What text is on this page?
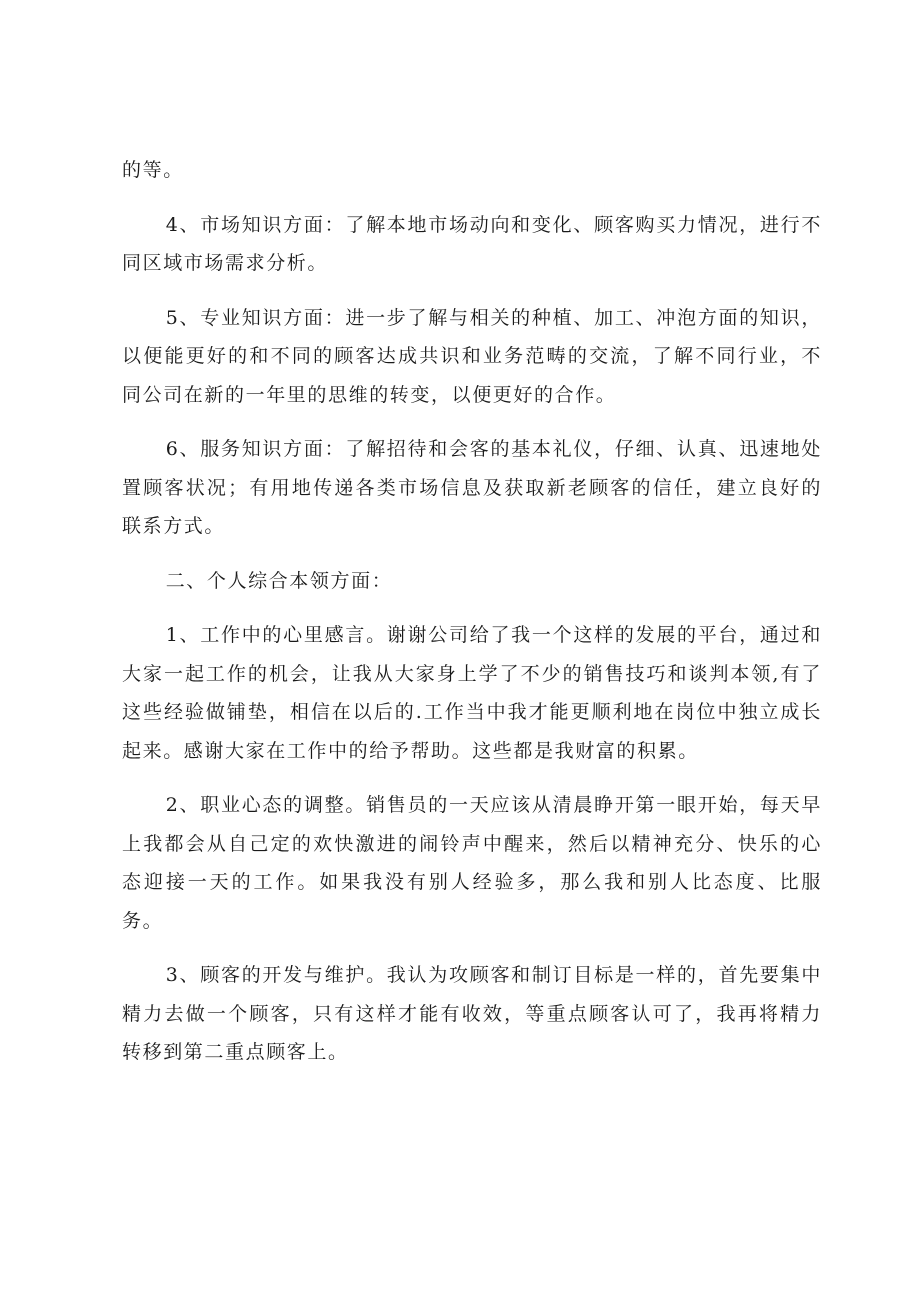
的等。

4、市场知识方面：了解本地市场动向和变化、顾客购买力情况，进行不同区域市场需求分析。

5、专业知识方面：进一步了解与相关的种植、加工、冲泡方面的知识，以便能更好的和不同的顾客达成共识和业务范畴的交流，了解不同行业，不同公司在新的一年里的思维的转变，以便更好的合作。

6、服务知识方面：了解招待和会客的基本礼仪，仔细、认真、迅速地处置顾客状况；有用地传递各类市场信息及获取新老顾客的信任，建立良好的联系方式。

二、个人综合本领方面：

1、工作中的心里感言。谢谢公司给了我一个这样的发展的平台，通过和大家一起工作的机会，让我从大家身上学了不少的销售技巧和谈判本领,有了这些经验做铺垫，相信在以后的.工作当中我才能更顺利地在岗位中独立成长起来。感谢大家在工作中的给予帮助。这些都是我财富的积累。

2、职业心态的调整。销售员的一天应该从清晨睁开第一眼开始，每天早上我都会从自己定的欢快激进的闹铃声中醒来，然后以精神充分、快乐的心态迎接一天的工作。如果我没有别人经验多，那么我和别人比态度、比服务。

3、顾客的开发与维护。我认为攻顾客和制订目标是一样的，首先要集中精力去做一个顾客，只有这样才能有收效，等重点顾客认可了，我再将精力转移到第二重点顾客上。
